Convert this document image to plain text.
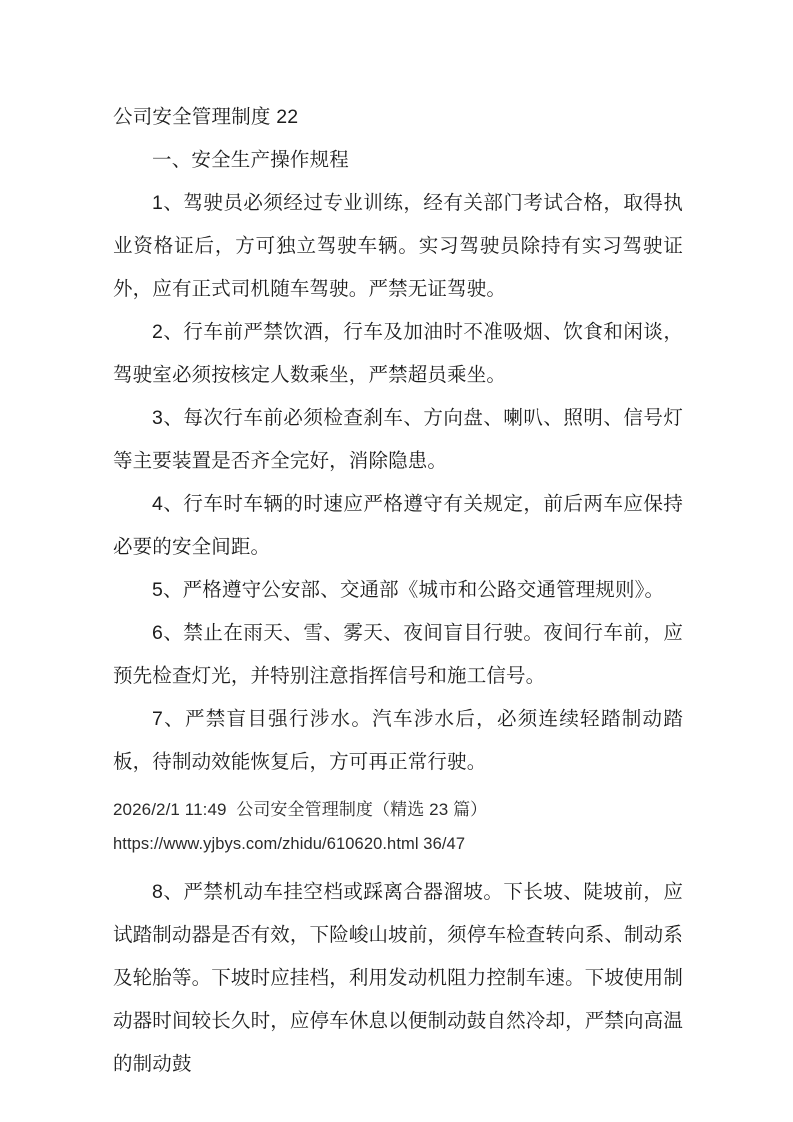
公司安全管理制度 22
一、安全生产操作规程

1、驾驶员必须经过专业训练，经有关部门考试合格，取得执业资格证后，方可独立驾驶车辆。实习驾驶员除持有实习驾驶证外，应有正式司机随车驾驶。严禁无证驾驶。

2、行车前严禁饮酒，行车及加油时不准吸烟、饮食和闲谈，驾驶室必须按核定人数乘坐，严禁超员乘坐。

3、每次行车前必须检查刹车、方向盘、喇叭、照明、信号灯等主要装置是否齐全完好，消除隐患。

4、行车时车辆的时速应严格遵守有关规定，前后两车应保持必要的安全间距。

5、严格遵守公安部、交通部《城市和公路交通管理规则》。

6、禁止在雨天、雪、雾天、夜间盲目行驶。夜间行车前，应预先检查灯光，并特别注意指挥信号和施工信号。

7、严禁盲目强行涉水。汽车涉水后，必须连续轻踏制动踏板，待制动效能恢复后，方可再正常行驶。

2026/2/1 11:49  公司安全管理制度（精选 23 篇）
https://www.yjbys.com/zhidu/610620.html 36/47

8、严禁机动车挂空档或踩离合器溜坡。下长坡、陡坡前，应试踏制动器是否有效，下险峻山坡前，须停车检查转向系、制动系及轮胎等。下坡时应挂档，利用发动机阻力控制车速。下坡使用制动器时间较长久时，应停车休息以便制动鼓自然冷却，严禁向高温的制动鼓
